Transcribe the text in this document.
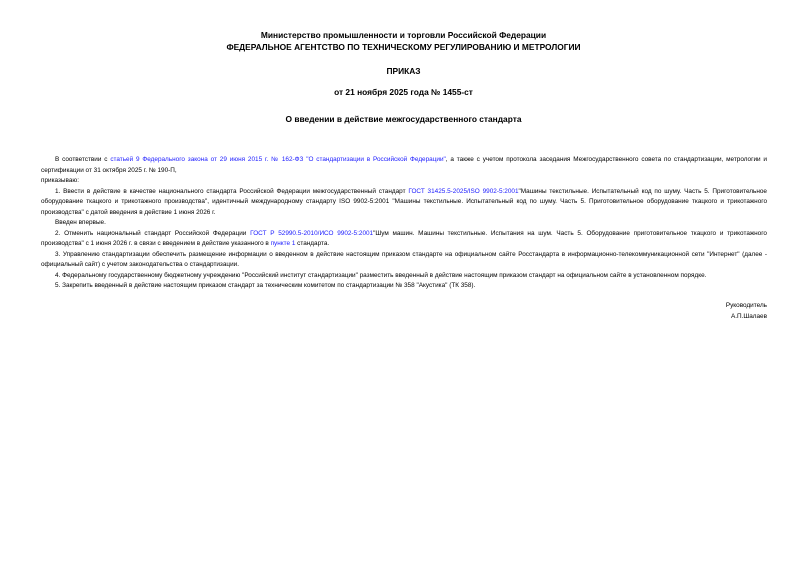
Министерство промышленности и торговли Российской Федерации
ФЕДЕРАЛЬНОЕ АГЕНТСТВО ПО ТЕХНИЧЕСКОМУ РЕГУЛИРОВАНИЮ И МЕТРОЛОГИИ
ПРИКАЗ
от 21 ноября 2025 года № 1455-ст
О введении в действие межгосударственного стандарта

В соответствии с статьей 9 Федерального закона от 29 июня 2015 г. № 162-ФЗ "О стандартизации в Российской Федерации", а также с учетом протокола заседания Межгосударственного совета по стандартизации, метрологии и сертификации от 31 октября 2025 г. № 190-П,

приказываю:

1. Ввести в действие в качестве национального стандарта Российской Федерации межгосударственный стандарт ГОСТ 31425.5-2025/ISO 9902-5:2001"Машины текстильные. Испытательный код по шуму. Часть 5. Приготовительное оборудование ткацкого и трикотажного производства", идентичный международному стандарту ISO 9902-5:2001 "Машины текстильные. Испытательный код по шуму. Часть 5. Приготовительное оборудование ткацкого и трикотажного производства" с датой введения в действие 1 июня 2026 г.

Введен впервые.

2. Отменить национальный стандарт Российской Федерации ГОСТ Р 52990.5-2010/ИСО 9902-5:2001"Шум машин. Машины текстильные. Испытания на шум. Часть 5. Оборудование приготовительное ткацкого и трикотажного производства" с 1 июня 2026 г. в связи с введением в действие указанного в пункте 1 стандарта.

3. Управлению стандартизации обеспечить размещение информации о введенном в действие настоящим приказом стандарте на официальном сайте Росстандарта в информационно-телекоммуникационной сети "Интернет" (далее - официальный сайт) с учетом законодательства о стандартизации.

4. Федеральному государственному бюджетному учреждению "Российский институт стандартизации" разместить введенный в действие настоящим приказом стандарт на официальном сайте в установленном порядке.

5. Закрепить введенный в действие настоящим приказом стандарт за техническим комитетом по стандартизации № 358 "Акустика" (ТК 358).

Руководитель
А.П.Шалаев
